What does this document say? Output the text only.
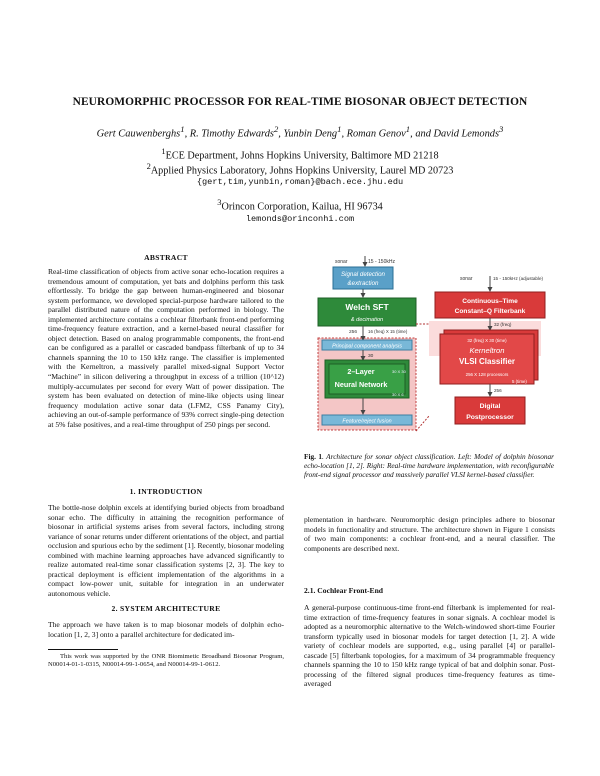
NEUROMORPHIC PROCESSOR FOR REAL-TIME BIOSONAR OBJECT DETECTION
Gert Cauwenberghs$^1$, R. Timothy Edwards$^2$, Yunbin Deng$^1$, Roman Genov$^1$, and David Lemonds$^3$
$^1$ECE Department, Johns Hopkins University, Baltimore MD 21218
$^2$Applied Physics Laboratory, Johns Hopkins University, Laurel MD 20723
{gert,tim,yunbin,roman}@bach.ece.jhu.edu
$^3$Orincon Corporation, Kailua, HI 96734
lemonds@orinconhi.com
ABSTRACT
Real-time classification of objects from active sonar echo-location requires a tremendous amount of computation, yet bats and dolphins perform this task effortlessly. To bridge the gap between human-engineered and biosonar system performance, we developed special-purpose hardware tailored to the parallel distributed nature of the computation performed in biology. The implemented architecture contains a cochlear filterbank front-end performing time-frequency feature extraction, and a kernel-based neural classifier for object detection. Based on analog programmable components, the front-end can be configured as a parallel or cascaded bandpass filterbank of up to 34 channels spanning the 10 to 150 kHz range. The classifier is implemented with the Kerneltron, a massively parallel mixed-signal Support Vector “Machine” in silicon delivering a throughput in excess of a trillion (10^12) multiply-accumulates per second for every Watt of power dissipation. The system has been evaluated on detection of mine-like objects using linear frequency modulation active sonar data (LFM2, CSS Panamy City), achieving an out-of-sample performance of 93% correct single-ping detection at 5% false positives, and a real-time throughput of 250 pings per second.
1. INTRODUCTION
The bottle-nose dolphin excels at identifying buried objects from broadband sonar echo. The difficulty in attaining the recognition performance of biosonar in artificial systems arises from several factors, including strong variance of sonar returns under different orientations of the object, and partial occlusion and spurious echo by the sediment [1]. Recently, biosonar modeling combined with machine learning approaches have advanced significantly to realize automated real-time sonar classification systems [2, 3]. The key to practical deployment is efficient implementation of the algorithms in a compact low-power unit, suitable for integration in an underwater autonomous vehicle.
2. SYSTEM ARCHITECTURE
The approach we have taken is to map biosonar models of dolphin echo-location [1, 2, 3] onto a parallel architecture for dedicated im-
This work was supported by the ONR Biomimetic Broadband Biosonar Program, N00014-01-1-0315, N00014-99-1-0654, and N00014-99-1-0612.
sonar	15 - 150kHz
Signal detection
&extraction
Welch SFT
& decimation
256 16 (freq) X 15 (time)
Principal component analysis
30
2–Layer	30 X 30
Neural Network
30 X 6
Feature/reject fusion
sonar	15 - 150kHz (adjustable)
Continuous–Time
Constant–Q Filterbank
32 (freq)
32 (freq) X 30 (time)
Kerneltron
VLSI Classifier
256 X 128 processors
5 (time)
256
Digital
Postprocessor
Fig. 1. Architecture for sonar object classification. Left: Model of dolphin biosonar echo-location [1, 2]. Right: Real-time hardware implementation, with reconfigurable front-end signal processor and massively parallel VLSI kernel-based classifier.
plementation in hardware. Neuromorphic design principles adhere to biosonar models in functionality and structure. The architecture shown in Figure 1 consists of two main components: a cochlear front-end, and a neural classifier. The components are described next.
2.1. Cochlear Front-End
A general-purpose continuous-time front-end filterbank is implemented for real-time extraction of time-frequency features in sonar signals. A cochlear model is adopted as a neuromorphic alternative to the Welch-windowed short-time Fourier transform typically used in biosonar models for target detection [1, 2]. A wide variety of cochlear models are supported, e.g., using parallel [4] or parallel-cascade [5] filterbank topologies, for a maximum of 34 programmable frequency channels spanning the 10 to 150 kHz range typical of bat and dolphin sonar. Post-processing of the filtered signal produces time-frequency features as time-averaged
